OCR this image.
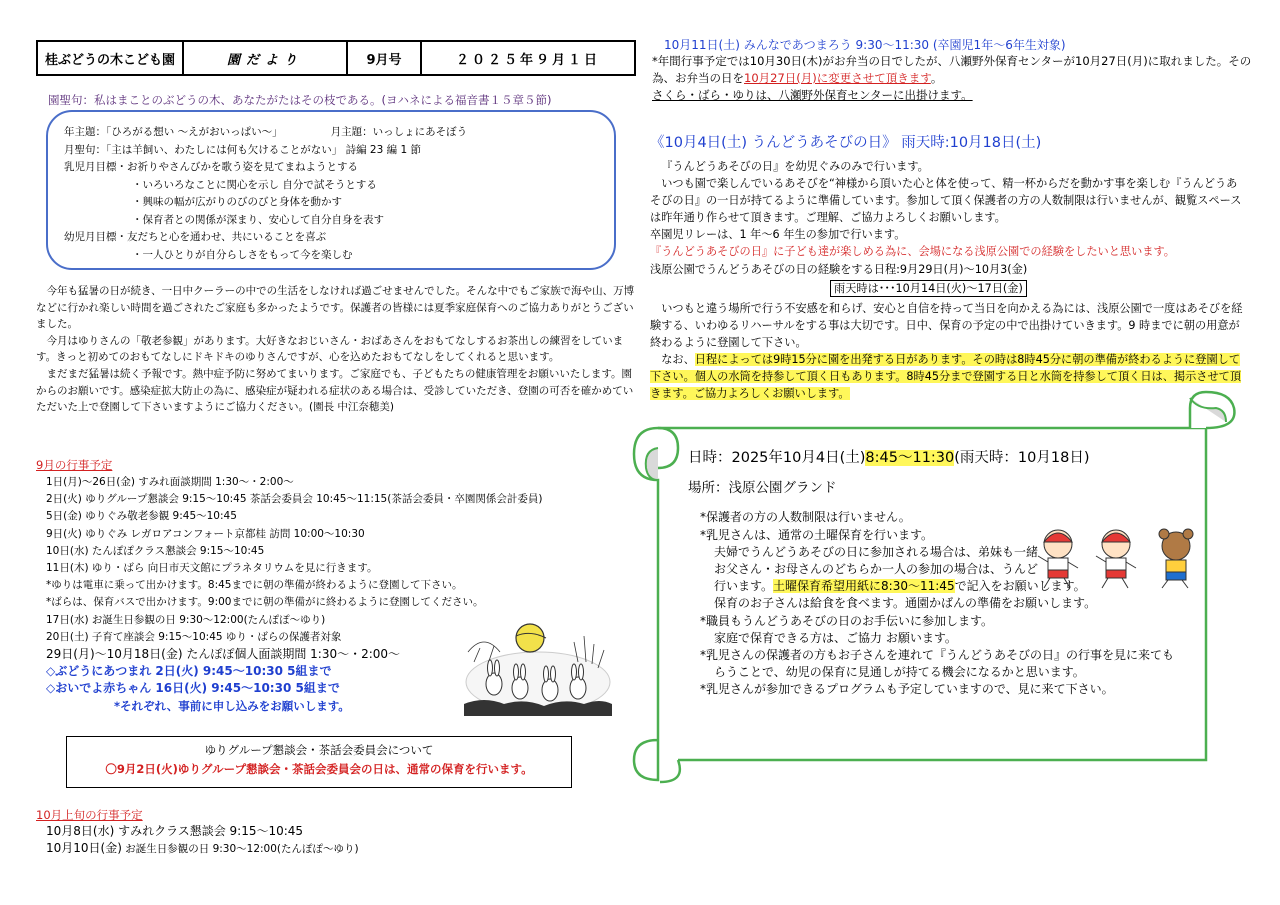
桂ぶどうの木こども園	園だより	9月号	２０２５年９月１日
園聖句：私はまことのぶどうの木、あなたがたはその枝である。(ヨハネによる福音書１５章５節)
年主題：「ひろがる想い ～えがおいっぱい～」	月主題：いっしょにあそぼう
月聖句：「主は羊飼い、わたしには何も欠けることがない」 詩編 23 編 1 節
乳児月目標 ・お祈りやさんびかを歌う姿を見てまねようとする
・いろいろなことに関心を示し 自分で試そうとする
・興味の幅が広がりのびのびと身体を動かす
・保育者との関係が深まり、安心して自分自身を表す
幼児月目標 ・友だちと心を通わせ、共にいることを喜ぶ
・一人ひとりが自分らしさをもって今を楽しむ

今年も猛暑の日が続き、一日中クーラーの中での生活をしなければ過ごせませんでした。そんな中でもご家族で海や山、万博などに行かれ楽しい時間を過ごされたご家庭も多かったようです。保護者の皆様には夏季家庭保育へのご協力ありがとうございました。

今月はゆりさんの「敬老参観」があります。大好きなおじいさん・おばあさんをおもてなしするお茶出しの練習をしています。きっと初めてのおもてなしにドキドキのゆりさんですが、心を込めたおもてなしをしてくれると思います。

まだまだ猛暑は続く予報です。熱中症予防に努めてまいります。ご家庭でも、子どもたちの健康管理をお願いいたします。園からのお願いです。感染症拡大防止の為に、感染症が疑われる症状のある場合は、受診していただき、登園の可否を確かめていただいた上で登園して下さいますようにご協力ください。(園長 中江奈穂美)

9月の行事予定
1日(月)～26日(金) すみれ面談期間 1:30～・2:00～
2日(火) ゆりグループ懇談会 9:15～10:45 茶話会委員会 10:45～11:15(茶話会委員・卒園関係会計委員)
5日(金) ゆりぐみ敬老参観 9:45～10:45
9日(火) ゆりぐみ レガロアコンフォート京都桂 訪問 10:00～10:30
10日(水) たんぽぽクラス懇談会 9:15～10:45
11日(木) ゆり・ばら 向日市天文館にプラネタリウムを見に行きます。
*ゆりは電車に乗って出かけます。8:45までに朝の準備が終わるように登園して下さい。
*ばらは、保育バスで出かけます。9:00までに朝の準備がに終わるように登園してください。
17日(水) お誕生日参観の日 9:30～12:00(たんぽぽ～ゆり)
20日(土) 子育て座談会 9:15～10:45 ゆり・ばらの保護者対象
29日(月)～10月18日(金) たんぽぽ個人面談期間 1:30～・2:00～
◇ぶどうにあつまれ 2日(火) 9:45～10:30 5組まで
◇おいでよ赤ちゃん 16日(火) 9:45～10:30 5組まで
*それぞれ、事前に申し込みをお願いします。
ゆりグループ懇談会・茶話会委員会について
〇9月2日(火)ゆりグループ懇談会・茶話会委員会の日は、通常の保育を行います。
10月上旬の行事予定
10月8日(水) すみれクラス懇談会 9:15～10:45
10月10日(金) お誕生日参観の日 9:30～12:00(たんぽぽ～ゆり)
10月11日(土) みんなであつまろう 9:30～11:30 (卒園児1年～6年生対象)
*年間行事予定では10月30日(木)がお弁当の日でしたが、八瀬野外保育センターが10月27日(月)に取れました。その為、お弁当の日を10月27日(月)に変更させて頂きます。
さくら・ばら・ゆりは、八瀬野外保育センターに出掛けます。
《10月4日(土) うんどうあそびの日》 雨天時:10月18日(土)

『うんどうあそびの日』を幼児ぐみのみで行います。

いつも園で楽しんでいるあそびを“神様から頂いた心と体を使って、精一杯からだを動かす事を楽しむ『うんどうあそびの日』の一日が持てるように準備しています。参加して頂く保護者の方の人数制限は行いませんが、観覧スペースは昨年通り作らせて頂きます。ご理解、ご協力よろしくお願いします。

卒園児リレーは、1 年～6 年生の参加で行います。

『うんどうあそびの日』に子ども達が楽しめる為に、会場になる浅原公園での経験をしたいと思います。

浅原公園でうんどうあそびの日の経験をする日程:9月29日(月)～10月3(金)

雨天時は･･･10月14日(火)～17日(金)

いつもと違う場所で行う不安感を和らげ、安心と自信を持って当日を向かえる為には、浅原公園で一度はあそびを経験する、いわゆるリハーサルをする事は大切です。日中、保育の予定の中で出掛けていきます。9 時までに朝の用意が終わるように登園して下さい。

なお、日程によっては9時15分に園を出発する日があります。その時は8時45分に朝の準備が終わるように登園して下さい。個人の水筒を持参して頂く日もあります。8時45分まで登園する日と水筒を持参して頂く日は、掲示させて頂きます。ご協力よろしくお願いします。

日時：2025年10月4日(土)8:45～11:30(雨天時：10月18日)
場所：浅原公園グランド
*保護者の方の人数制限は行いません。
*乳児さんは、通常の土曜保育を行います。
夫婦でうんどうあそびの日に参加される場合は、弟妹も一緒
お父さん・お母さんのどちらか一人の参加の場合は、うんど
行います。土曜保育希望用紙に8:30～11:45で記入をお願いします。
保育のお子さんは給食を食べます。通園かばんの準備をお願いします。
*職員もうんどうあそびの日のお手伝いに参加します。
家庭で保育できる方は、ご協力 お願います。
*乳児さんの保護者の方もお子さんを連れて『うんどうあそびの日』の行事を見に来ても
らうことで、幼児の保育に見通しが持てる機会になるかと思います。
*乳児さんが参加できるプログラムも予定していますので、見に来て下さい。
